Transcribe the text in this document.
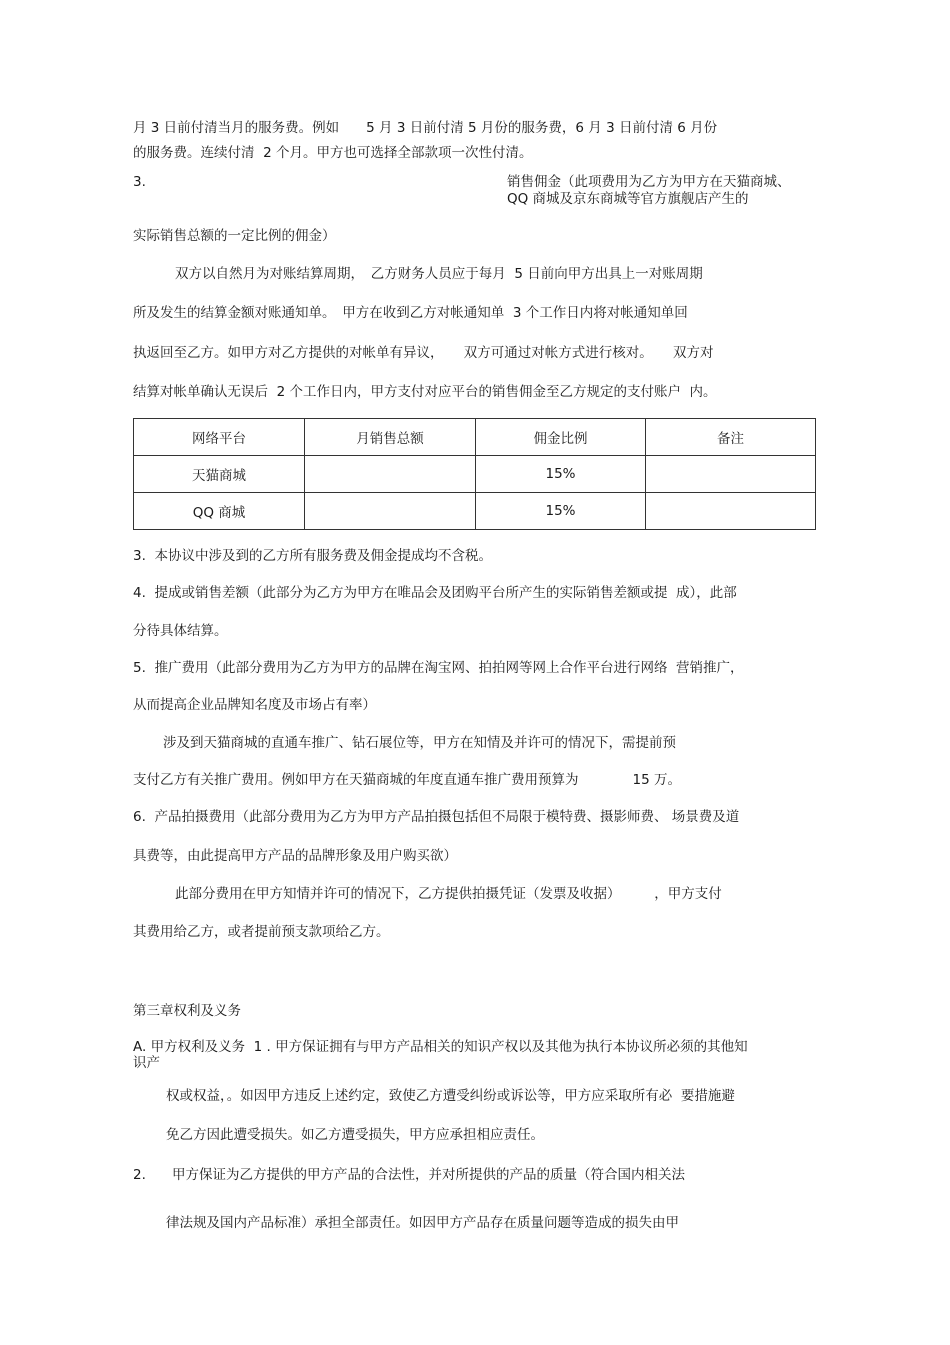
月 3 日前付清当月的服务费。例如　　5 月 3 日前付清 5 月份的服务费，6 月 3 日前付清 6 月份
的服务费。连续付清  2 个月。甲方也可选择全部款项一次性付清。
3.	销售佣金（此项费用为乙方为甲方在天猫商城、
QQ 商城及京东商城等官方旗舰店产生的
实际销售总额的一定比例的佣金）
双方以自然月为对账结算周期，　乙方财务人员应于每月  5 日前向甲方出具上一对账周期
所及发生的结算金额对账通知单。　甲方在收到乙方对帐通知单  3 个工作日内将对帐通知单回
执返回至乙方。如甲方对乙方提供的对帐单有异议，　　双方可通过对帐方式进行核对。　　双方对
结算对帐单确认无误后  2 个工作日内，甲方支付对应平台的销售佣金至乙方规定的支付账户  内。
网络平台	月销售总额	佣金比例	备注
天猫商城		15%	
QQ 商城		15%	
3.  本协议中涉及到的乙方所有服务费及佣金提成均不含税。
4.  提成或销售差额（此部分为乙方为甲方在唯品会及团购平台所产生的实际销售差额或提  成），此部
分待具体结算。
5.  推广费用（此部分费用为乙方为甲方的品牌在淘宝网、拍拍网等网上合作平台进行网络  营销推广，
从而提高企业品牌知名度及市场占有率）
涉及到天猫商城的直通车推广、钻石展位等，甲方在知情及并许可的情况下，需提前预
支付乙方有关推广费用。例如甲方在天猫商城的年度直通车推广费用预算为　　　　15 万。
6.  产品拍摄费用（此部分费用为乙方为甲方产品拍摄包括但不局限于模特费、摄影师费、 场景费及道
具费等，由此提高甲方产品的品牌形象及用户购买欲）
此部分费用在甲方知情并许可的情况下，乙方提供拍摄凭证（发票及收据）　　　，甲方支付
其费用给乙方，或者提前预支款项给乙方。
第三章权利及义务
A. 甲方权利及义务  1 . 甲方保证拥有与甲方产品相关的知识产权以及其他为执行本协议所必须的其他知
识产
权或权益，。如因甲方违反上述约定，致使乙方遭受纠纷或诉讼等，甲方应采取所有必  要措施避
免乙方因此遭受损失。如乙方遭受损失，甲方应承担相应责任。
2. 甲方保证为乙方提供的甲方产品的合法性，并对所提供的产品的质量（符合国内相关法
律法规及国内产品标准）承担全部责任。如因甲方产品存在质量问题等造成的损失由甲
